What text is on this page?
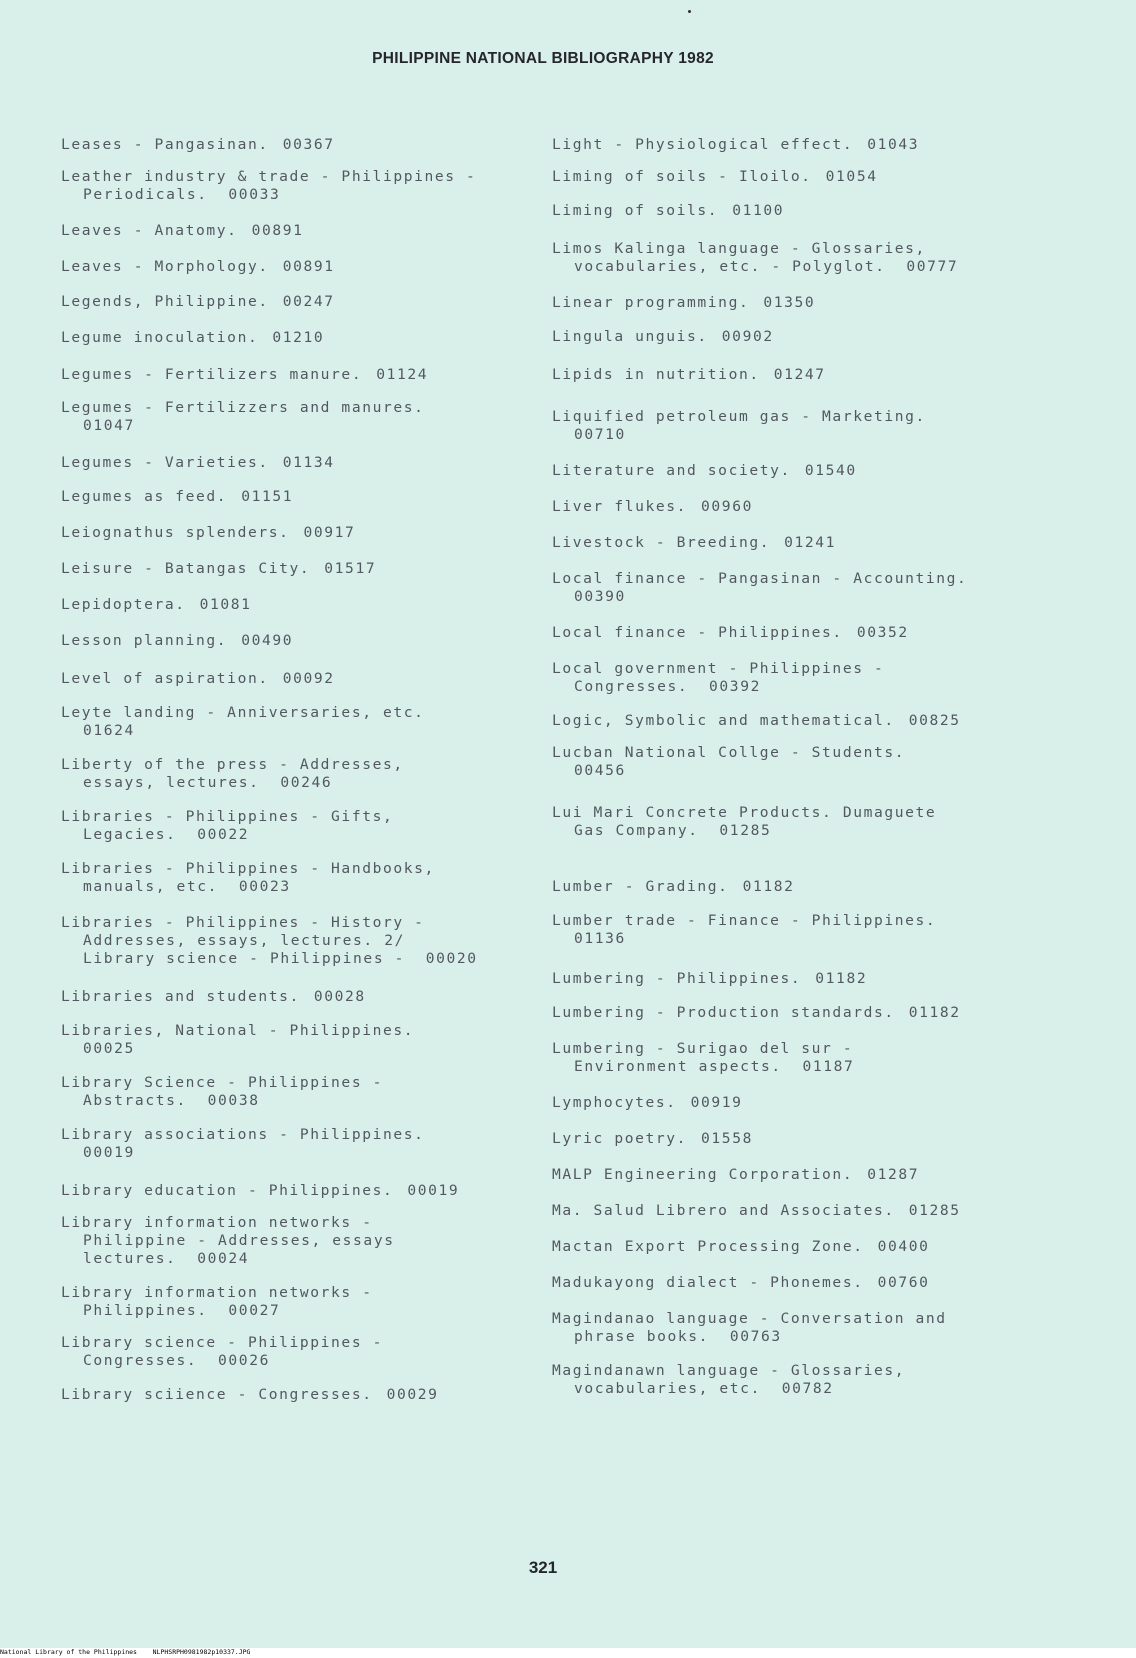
PHILIPPINE NATIONAL BIBLIOGRAPHY 1982
Leases - Pangasinan. 00367
Leather industry & trade - Philippines -
Periodicals. 00033
Leaves - Anatomy. 00891
Leaves - Morphology. 00891
Legends, Philippine. 00247
Legume inoculation. 01210
Legumes - Fertilizers manure. 01124
Legumes - Fertilizzers and manures.
01047
Legumes - Varieties. 01134
Legumes as feed. 01151
Leiognathus splenders. 00917
Leisure - Batangas City. 01517
Lepidoptera. 01081
Lesson planning. 00490
Level of aspiration. 00092
Leyte landing - Anniversaries, etc.
01624
Liberty of the press - Addresses,
essays, lectures. 00246
Libraries - Philippines - Gifts,
Legacies. 00022
Libraries - Philippines - Handbooks,
manuals, etc. 00023
Libraries - Philippines - History -
Addresses, essays, lectures. 2/
Library science - Philippines - 00020
Libraries and students. 00028
Libraries, National - Philippines.
00025
Library Science - Philippines -
Abstracts. 00038
Library associations - Philippines.
00019
Library education - Philippines. 00019
Library information networks -
Philippine - Addresses, essays
lectures. 00024
Library information networks -
Philippines. 00027
Library science - Philippines -
Congresses. 00026
Library sciience - Congresses. 00029
Light - Physiological effect. 01043
Liming of soils - Iloilo. 01054
Liming of soils. 01100
Limos Kalinga language - Glossaries,
vocabularies, etc. - Polyglot. 00777
Linear programming. 01350
Lingula unguis. 00902
Lipids in nutrition. 01247
Liquified petroleum gas - Marketing.
00710
Literature and society. 01540
Liver flukes. 00960
Livestock - Breeding. 01241
Local finance - Pangasinan - Accounting.
00390
Local finance - Philippines. 00352
Local government - Philippines -
Congresses. 00392
Logic, Symbolic and mathematical. 00825
Lucban National Collge - Students.
00456
Lui Mari Concrete Products. Dumaguete
Gas Company. 01285
Lumber - Grading. 01182
Lumber trade - Finance - Philippines.
01136
Lumbering - Philippines. 01182
Lumbering - Production standards. 01182
Lumbering - Surigao del sur -
Environment aspects. 01187
Lymphocytes. 00919
Lyric poetry. 01558
MALP Engineering Corporation. 01287
Ma. Salud Librero and Associates. 01285
Mactan Export Processing Zone. 00400
Madukayong dialect - Phonemes. 00760
Magindanao language - Conversation and
phrase books. 00763
Magindanawn language - Glossaries,
vocabularies, etc. 00782
321
National Library of the Philippines NLPHSRPH0981982p10337.JPG
